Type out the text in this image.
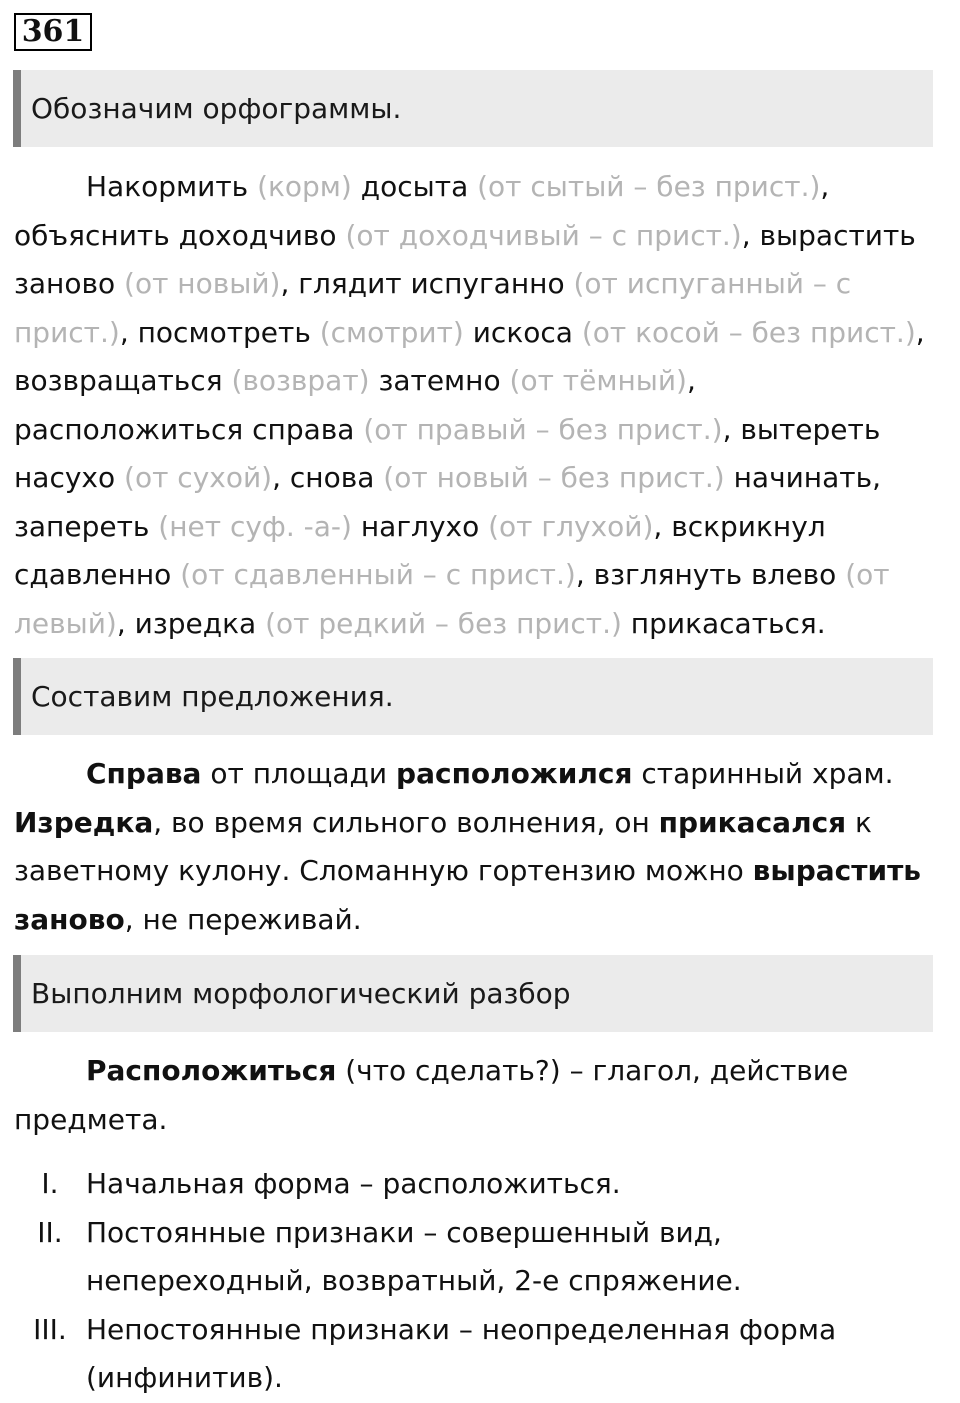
361
Обозначим орфограммы.
Накормить (корм) досыта (от сытый – без прист.),
объяснить доходчиво (от доходчивый – с прист.), вырастить
заново (от новый), глядит испуганно (от испуганный – с
прист.), посмотреть (смотрит) искоса (от косой – без прист.),
возвращаться (возврат) затемно (от тёмный),
расположиться справа (от правый – без прист.), вытереть
насухо (от сухой), снова (от новый – без прист.) начинать,
запереть (нет суф. -а-) наглухо (от глухой), вскрикнул
сдавленно (от сдавленный – с прист.), взглянуть влево (от
левый), изредка (от редкий – без прист.) прикасаться.
Составим предложения.
Справа от площади расположился старинный храм.
Изредка, во время сильного волнения, он прикасался к
заветному кулону. Сломанную гортензию можно вырастить
заново, не переживай.
Выполним морфологический разбор
Расположиться (что сделать?) – глагол, действие
предмета.
I. Начальная форма – расположиться.
II. Постоянные признаки – совершенный вид,
непереходный, возвратный, 2-е спряжение.
III. Непостоянные признаки – неопределенная форма
(инфинитив).
